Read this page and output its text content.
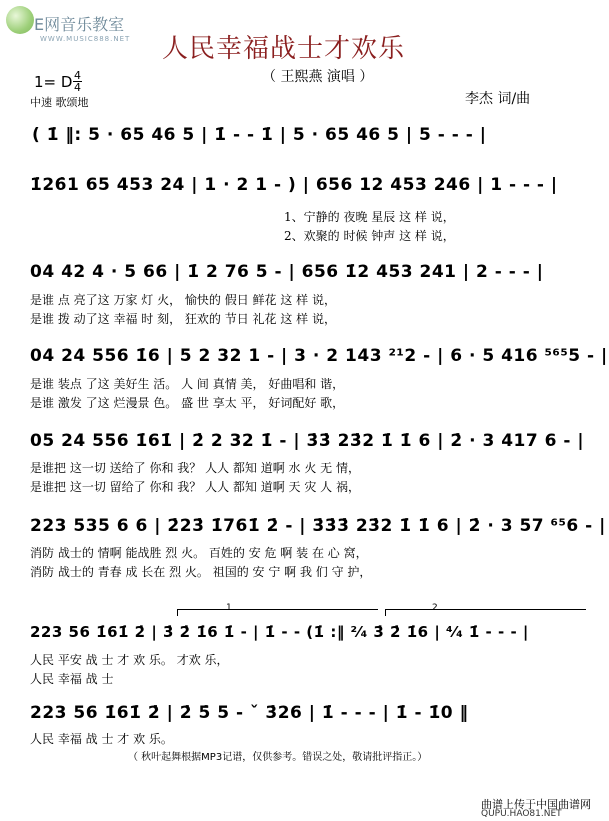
E网音乐教室
WWW.MUSIC888.NET 人民幸福战士才欢乐
（ 王熙燕 演唱 ）
1= D 4
4
中速 歌颂地	李杰 词/曲
( 1̇ ‖: 5 · 65 46 5 | 1̇ - - 1̇ | 5 · 65 46 5 | 5 - - - |
1̇26̇1 65 453 24 | 1 · 2 1 - ) | 656 12 453 246 | 1 - - - |
1、宁静的 夜晚 星辰 这 样 说，
2、欢聚的 时候 钟声 这 样 说，
04 42 4 · 5 66 | 1̇ 2 76 5 - | 656 1̇2 453 241 | 2 - - - |
是谁 点 亮了这 万家 灯 火， 愉快的 假日 鲜花 这 样 说，
是谁 拨 动了这 幸福 时 刻， 狂欢的 节日 礼花 这 样 说，
04 24 556 1̇6 | 5 2 32 1 - | 3 · 2 143 ²¹2 - | 6 · 5 416 ⁵⁶⁵5 - |
是谁 装点 了这 美好生 活。 人 间 真情 美， 好曲唱和 谐，
是谁 激发 了这 烂漫景 色。 盛 世 享太 平， 好词配好 歌，
05 24 556 1̇61̇ | 2̇ 2 32 1̇ - | 3̇3̇ 23̇2 1̇ 1̇ 6 | 2̇ · 3 417 6 - |
是谁把 这一切 送给了 你和 我？ 人人 都知 道啊 水 火 无 情，
是谁把 这一切 留给了 你和 我？ 人人 都知 道啊 天 灾 人 祸，
223 535 6 6 | 2̇23̇ 1̇761̇ 2̇ - | 3̇3̇3̇ 23̇2 1̇ 1̇ 6 | 2̇ · 3 57 ⁶⁵6 - |
消防 战士的 情啊 能战胜 烈 火。 百姓的 安 危 啊 装 在 心 窝，
消防 战士的 青春 成 长在 烈 火。 祖国的 安 宁 啊 我 们 守 护，
1	2
223 56 1̇61̇ 2̇ | 3̇ 2̇ 1̇6 1̇ - | 1̇ - - (1̇ :‖ ²⁄₄ 3̇ 2̇ 1̇6 | ⁴⁄₄ 1̇ - - - |
人民 平安 战 士 才 欢 乐。 才欢 乐，
人民 幸福 战 士
223 56 1̇61̇ 2̇ | 2̇ 5̇ 5 - ˇ 3̇26 | 1̇ - - - | 1̇ - 1̇0 ‖
人民 幸福 战 士 才 欢 乐。
（ 秋叶起舞根据MP3记谱，仅供参考。错误之处，敬请批评指正。）
曲谱上传于中国曲谱网
QUPU.HAO81.NET
